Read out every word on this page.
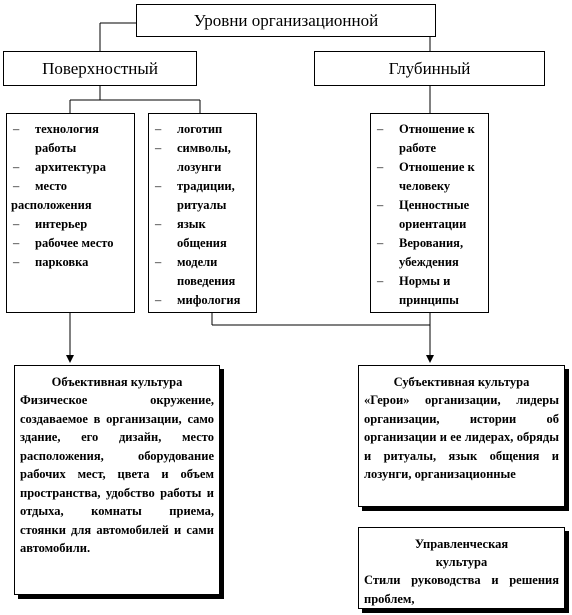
Уровни организационной
Поверхностный	Глубинный
– технология работы
– архитектура
– место
расположения
– интерьер
– рабочее место
– парковка
– логотип
– символы, лозунги
– традиции, ритуалы
– язык общения
– модели поведения
– мифология
– Отношение к работе
– Отношение к человеку
– Ценностные ориентации
– Верования, убеждения
– Нормы и принципы
Объективная культура
Физическое окружение, создаваемое в организации, само здание, его дизайн, место расположения, оборудование рабочих мест, цвета и объем пространства, удобство работы и отдыха, комнаты приема, стоянки для автомобилей и сами автомобили.
Субъективная культура
«Герои» организации, лидеры организации, истории об организации и ее лидерах, обряды и ритуалы, язык общения и лозунги, организационные
Управленческая культура
Стили руководства и решения проблем,
